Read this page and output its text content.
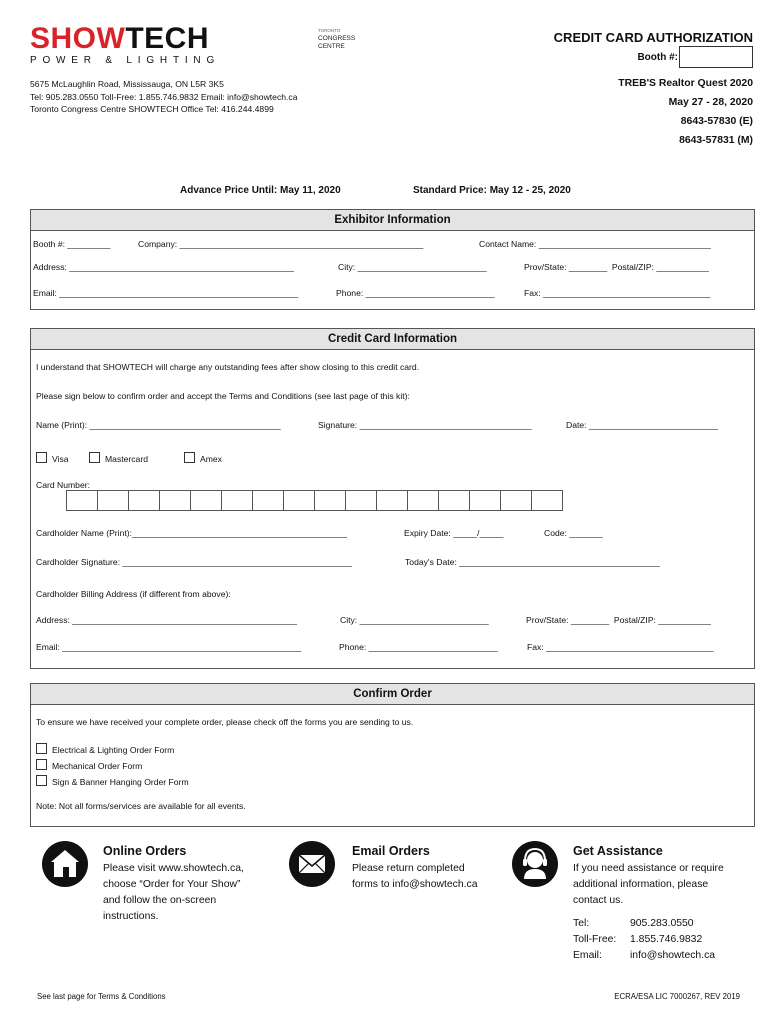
SHOWTECH
POWER & LIGHTING
TORONTO
CONGRESS
CENTRE
5675 McLaughlin Road, Mississauga, ON L5R 3K5
Tel: 905.283.0550 Toll-Free: 1.855.746.9832 Email: info@showtech.ca
Toronto Congress Centre SHOWTECH Office Tel: 416.244.4899
CREDIT CARD AUTHORIZATION
Booth #:
TREB'S Realtor Quest 2020
May 27 - 28, 2020
8643-57830 (E)
8643-57831 (M)
Advance Price Until: May 11, 2020	Standard Price: May 12 - 25, 2020
Exhibitor Information
Booth #: _________	Company: ___________________________________________________	Contact Name: ____________________________________
Address: _______________________________________________	City: ___________________________	Prov/State: ________  Postal/ZIP: ___________
Email: __________________________________________________	Phone: ___________________________	Fax: ___________________________________
Credit Card Information
I understand that SHOWTECH will charge any outstanding fees after show closing to this credit card.
Please sign below to confirm order and accept the Terms and Conditions (see last page of this kit):
Name (Print): ________________________________________	Signature: ____________________________________	Date: ___________________________
Visa	Mastercard	Amex
Card Number:
Cardholder Name (Print):_____________________________________________	Expiry Date: _____/_____	Code: _______
Cardholder Signature: ________________________________________________	Today's Date: __________________________________________
Cardholder Billing Address (if different from above):
Address: _______________________________________________	City: ___________________________	Prov/State: ________  Postal/ZIP: ___________
Email: __________________________________________________	Phone: ___________________________	Fax: ___________________________________
Confirm Order
To ensure we have received your complete order, please check off the forms you are sending to us.
Electrical & Lighting Order Form
Mechanical Order Form
Sign & Banner Hanging Order Form
Note: Not all forms/services are available for all events.
Online Orders
Please visit www.showtech.ca,
choose “Order for Your Show”
and follow the on-screen
instructions.
Email Orders
Please return completed
forms to info@showtech.ca
Get Assistance
If you need assistance or require
additional information, please
contact us.
Tel:	905.283.0550
Toll-Free: 1.855.746.9832
Email:	info@showtech.ca
See last page for Terms & Conditions	ECRA/ESA LIC 7000267, REV 2019
